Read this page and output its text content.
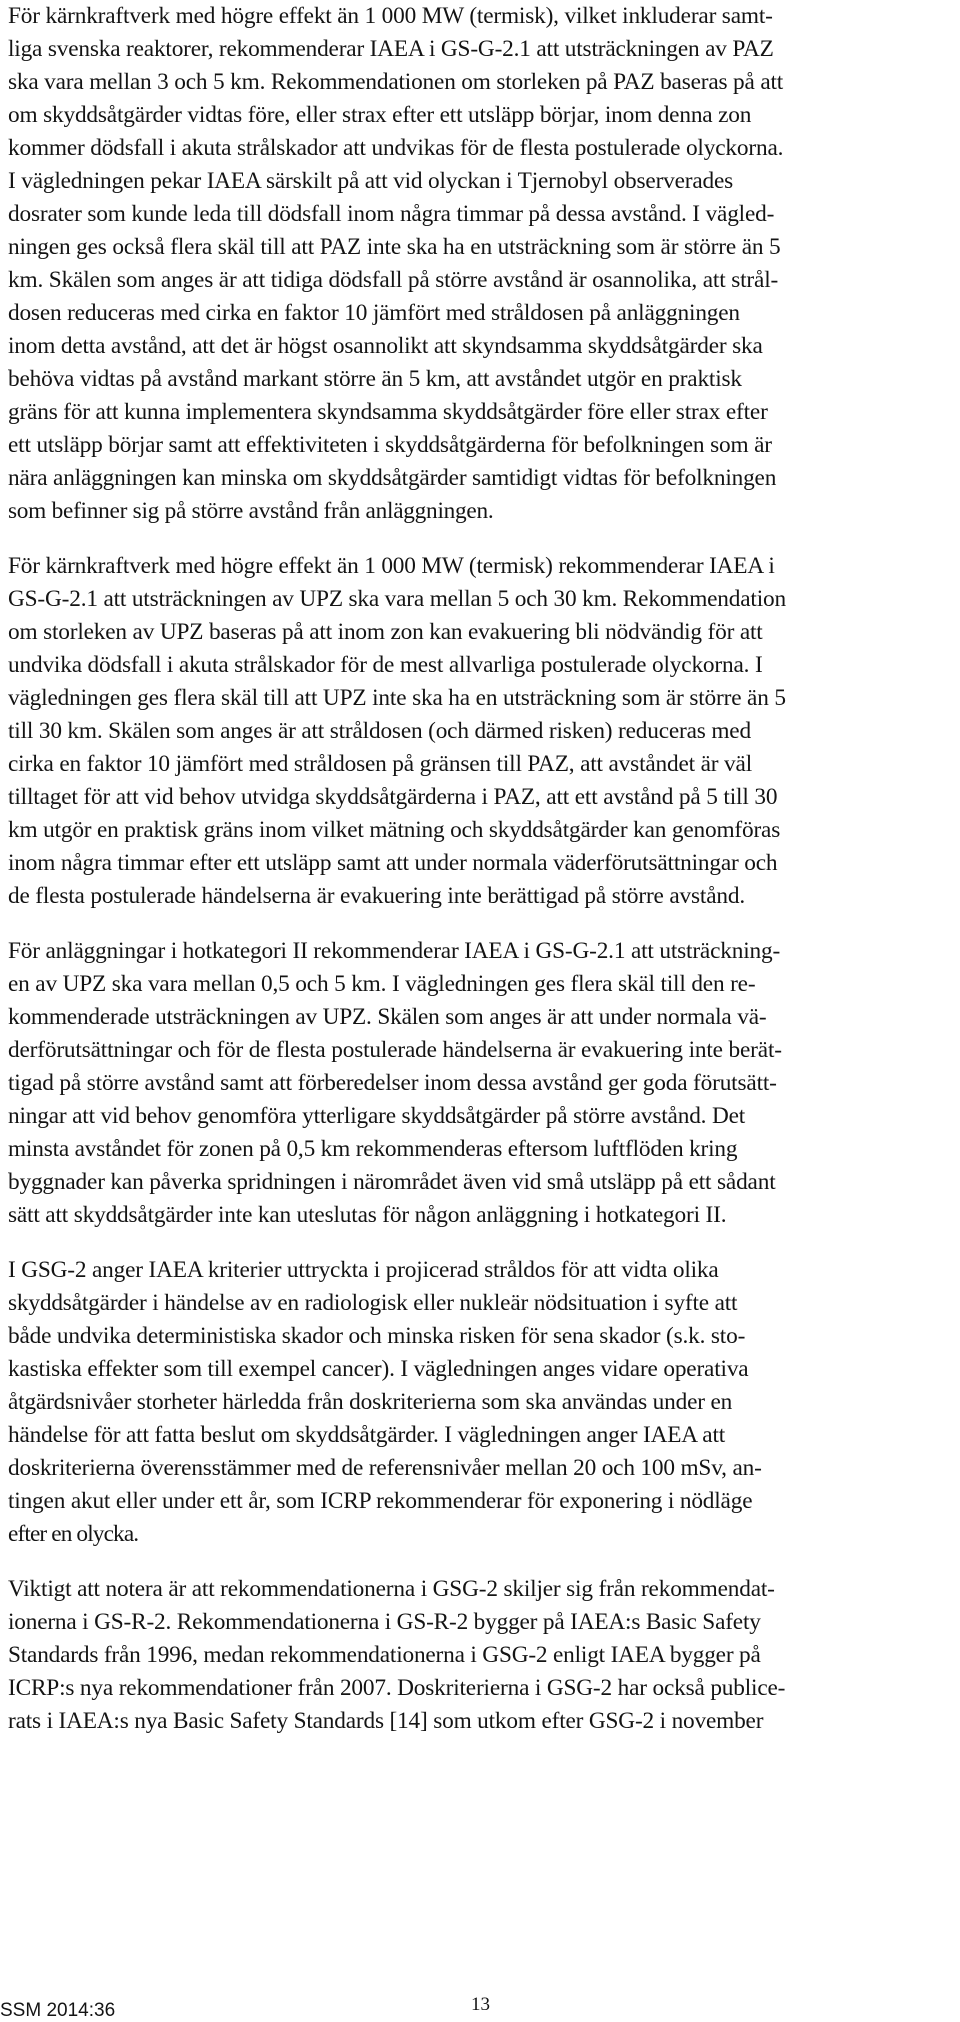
För kärnkraftverk med högre effekt än 1 000 MW (termisk), vilket inkluderar samt-
liga svenska reaktorer, rekommenderar IAEA i GS-G-2.1 att utsträckningen av PAZ
ska vara mellan 3 och 5 km. Rekommendationen om storleken på PAZ baseras på att
om skyddsåtgärder vidtas före, eller strax efter ett utsläpp börjar, inom denna zon
kommer dödsfall i akuta strålskador att undvikas för de flesta postulerade olyckorna.
I vägledningen pekar IAEA särskilt på att vid olyckan i Tjernobyl observerades
dosrater som kunde leda till dödsfall inom några timmar på dessa avstånd. I vägled-
ningen ges också flera skäl till att PAZ inte ska ha en utsträckning som är större än 5
km. Skälen som anges är att tidiga dödsfall på större avstånd är osannolika, att strål-
dosen reduceras med cirka en faktor 10 jämfört med stråldosen på anläggningen
inom detta avstånd, att det är högst osannolikt att skyndsamma skyddsåtgärder ska
behöva vidtas på avstånd markant större än 5 km, att avståndet utgör en praktisk
gräns för att kunna implementera skyndsamma skyddsåtgärder före eller strax efter
ett utsläpp börjar samt att effektiviteten i skyddsåtgärderna för befolkningen som är
nära anläggningen kan minska om skyddsåtgärder samtidigt vidtas för befolkningen
som befinner sig på större avstånd från anläggningen.
För kärnkraftverk med högre effekt än 1 000 MW (termisk) rekommenderar IAEA i
GS-G-2.1 att utsträckningen av UPZ ska vara mellan 5 och 30 km. Rekommendation
om storleken av UPZ baseras på att inom zon kan evakuering bli nödvändig för att
undvika dödsfall i akuta strålskador för de mest allvarliga postulerade olyckorna. I
vägledningen ges flera skäl till att UPZ inte ska ha en utsträckning som är större än 5
till 30 km. Skälen som anges är att stråldosen (och därmed risken) reduceras med
cirka en faktor 10 jämfört med stråldosen på gränsen till PAZ, att avståndet är väl
tilltaget för att vid behov utvidga skyddsåtgärderna i PAZ, att ett avstånd på 5 till 30
km utgör en praktisk gräns inom vilket mätning och skyddsåtgärder kan genomföras
inom några timmar efter ett utsläpp samt att under normala väderförutsättningar och
de flesta postulerade händelserna är evakuering inte berättigad på större avstånd.
För anläggningar i hotkategori II rekommenderar IAEA i GS-G-2.1 att utsträckning-
en av UPZ ska vara mellan 0,5 och 5 km. I vägledningen ges flera skäl till den re-
kommenderade utsträckningen av UPZ. Skälen som anges är att under normala vä-
derförutsättningar och för de flesta postulerade händelserna är evakuering inte berät-
tigad på större avstånd samt att förberedelser inom dessa avstånd ger goda förutsätt-
ningar att vid behov genomföra ytterligare skyddsåtgärder på större avstånd. Det
minsta avståndet för zonen på 0,5 km rekommenderas eftersom luftflöden kring
byggnader kan påverka spridningen i närområdet även vid små utsläpp på ett sådant
sätt att skyddsåtgärder inte kan uteslutas för någon anläggning i hotkategori II.
I GSG-2 anger IAEA kriterier uttryckta i projicerad stråldos för att vidta olika
skyddsåtgärder i händelse av en radiologisk eller nukleär nödsituation i syfte att
både undvika deterministiska skador och minska risken för sena skador (s.k. sto-
kastiska effekter som till exempel cancer). I vägledningen anges vidare operativa
åtgärdsnivåer storheter härledda från doskriterierna som ska användas under en
händelse för att fatta beslut om skyddsåtgärder. I vägledningen anger IAEA att
doskriterierna överensstämmer med de referensnivåer mellan 20 och 100 mSv, an-
tingen akut eller under ett år, som ICRP rekommenderar för exponering i nödläge
efter en olycka.
Viktigt att notera är att rekommendationerna i GSG-2 skiljer sig från rekommendat-
ionerna i GS-R-2. Rekommendationerna i GS-R-2 bygger på IAEA:s Basic Safety
Standards från 1996, medan rekommendationerna i GSG-2 enligt IAEA bygger på
ICRP:s nya rekommendationer från 2007. Doskriterierna i GSG-2 har också publice-
rats i IAEA:s nya Basic Safety Standards [14] som utkom efter GSG-2 i november
SSM 2014:36	13
